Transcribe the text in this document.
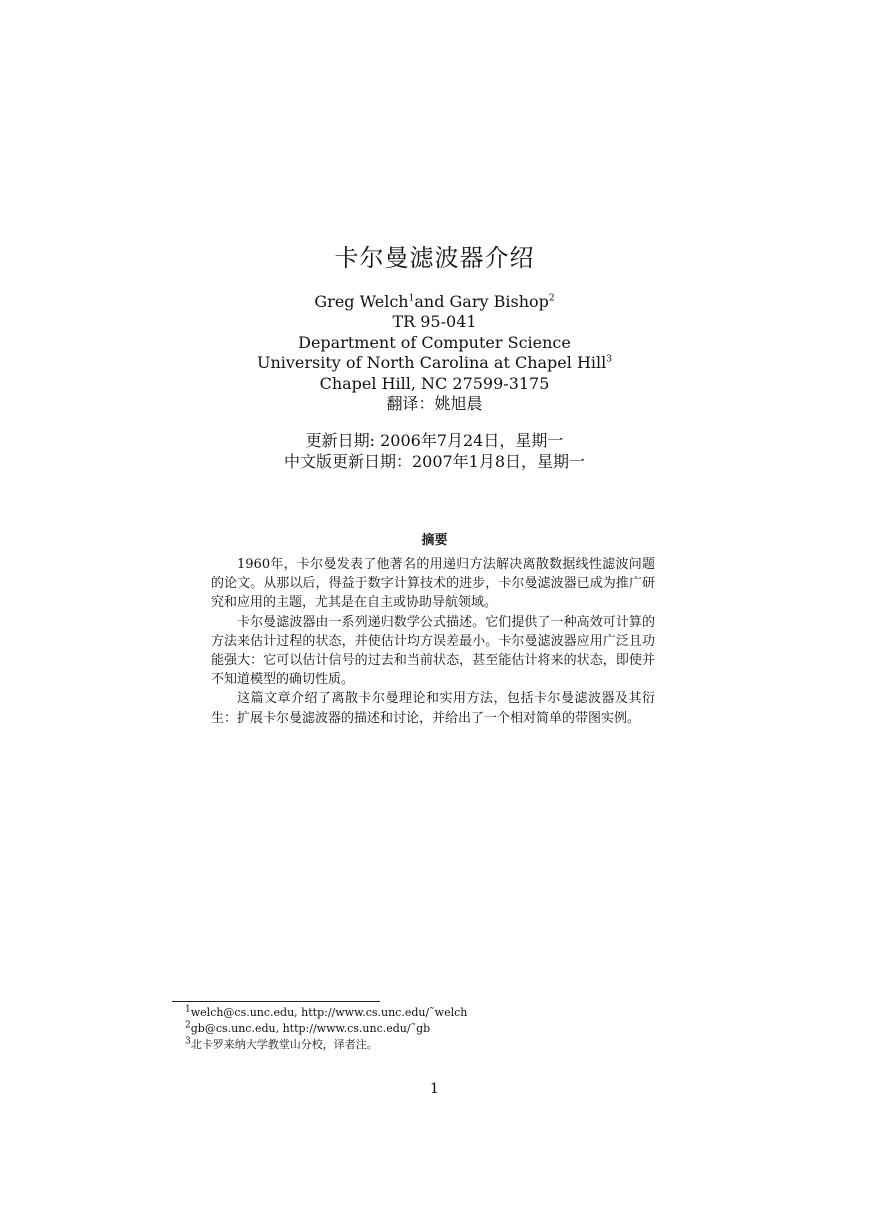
卡尔曼滤波器介绍
Greg Welch$^1$and Gary Bishop$^2$
TR 95-041
Department of Computer Science
University of North Carolina at Chapel Hill$^3$
Chapel Hill, NC 27599-3175
翻译：姚旭晨
更新日期: 2006年7月24日，星期一
中文版更新日期：2007年1月8日，星期一
摘要

1960年，卡尔曼发表了他著名的用递归方法解决离散数据线性滤波问题的论文。从那以后，得益于数字计算技术的进步，卡尔曼滤波器已成为推广研究和应用的主题，尤其是在自主或协助导航领域。

卡尔曼滤波器由一系列递归数学公式描述。它们提供了一种高效可计算的方法来估计过程的状态，并使估计均方误差最小。卡尔曼滤波器应用广泛且功能强大：它可以估计信号的过去和当前状态，甚至能估计将来的状态，即使并不知道模型的确切性质。

这篇文章介绍了离散卡尔曼理论和实用方法，包括卡尔曼滤波器及其衍生：扩展卡尔曼滤波器的描述和讨论，并给出了一个相对简单的带图实例。

$^1$welch@cs.unc.edu, http://www.cs.unc.edu/˜welch
$^2$gb@cs.unc.edu, http://www.cs.unc.edu/˜gb
$^3$北卡罗来纳大学教堂山分校，译者注。
1
